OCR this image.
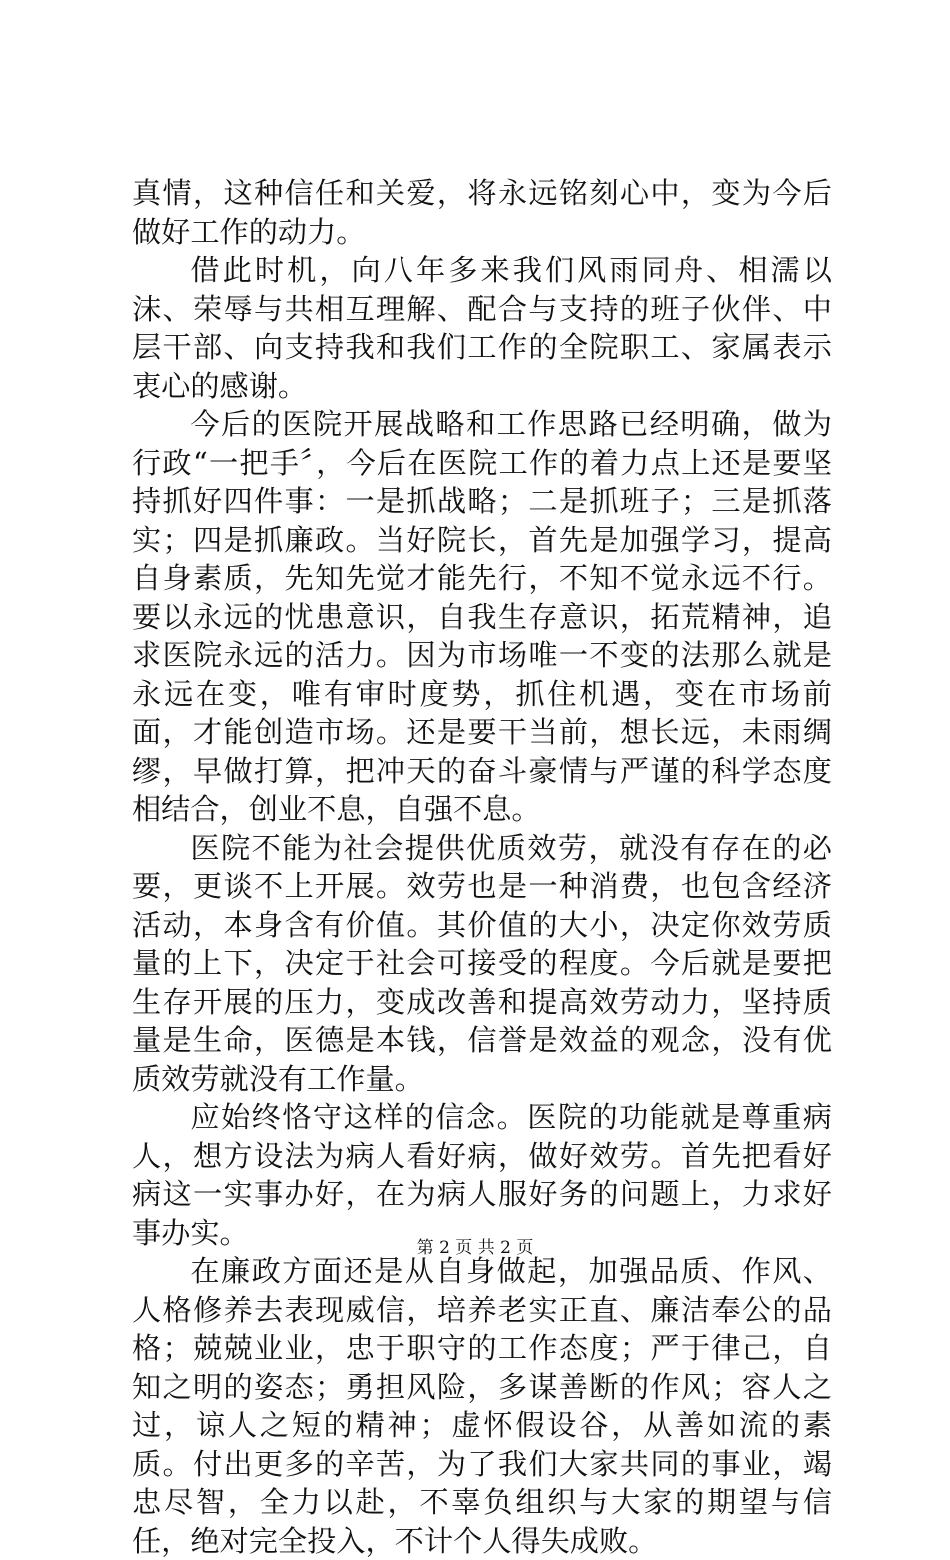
真情，这种信任和关爱，将永远铭刻心中，变为今后做好工作的动力。

借此时机，向八年多来我们风雨同舟、相濡以沫、荣辱与共相互理解、配合与支持的班子伙伴、中层干部、向支持我和我们工作的全院职工、家属表示衷心的感谢。

今后的医院开展战略和工作思路已经明确，做为行政“一把手〞，今后在医院工作的着力点上还是要坚持抓好四件事：一是抓战略；二是抓班子；三是抓落实；四是抓廉政。当好院长，首先是加强学习，提高自身素质，先知先觉才能先行，不知不觉永远不行。要以永远的忧患意识，自我生存意识，拓荒精神，追求医院永远的活力。因为市场唯一不变的法那么就是永远在变，唯有审时度势，抓住机遇，变在市场前面，才能创造市场。还是要干当前，想长远，未雨绸缪，早做打算，把冲天的奋斗豪情与严谨的科学态度相结合，创业不息，自强不息。

医院不能为社会提供优质效劳，就没有存在的必要，更谈不上开展。效劳也是一种消费，也包含经济活动，本身含有价值。其价值的大小，决定你效劳质量的上下，决定于社会可接受的程度。今后就是要把生存开展的压力，变成改善和提高效劳动力，坚持质量是生命，医德是本钱，信誉是效益的观念，没有优质效劳就没有工作量。

应始终恪守这样的信念。医院的功能就是尊重病人，想方设法为病人看好病，做好效劳。首先把看好病这一实事办好，在为病人服好务的问题上，力求好事办实。

在廉政方面还是从自身做起，加强品质、作风、人格修养去表现威信，培养老实正直、廉洁奉公的品格；兢兢业业，忠于职守的工作态度；严于律己，自知之明的姿态；勇担风险，多谋善断的作风；容人之过，谅人之短的精神；虚怀假设谷，从善如流的素质。付出更多的辛苦，为了我们大家共同的事业，竭忠尽智，全力以赴，不辜负组织与大家的期望与信任，绝对完全投入，不计个人得失成败。

第 2 页 共 2 页
